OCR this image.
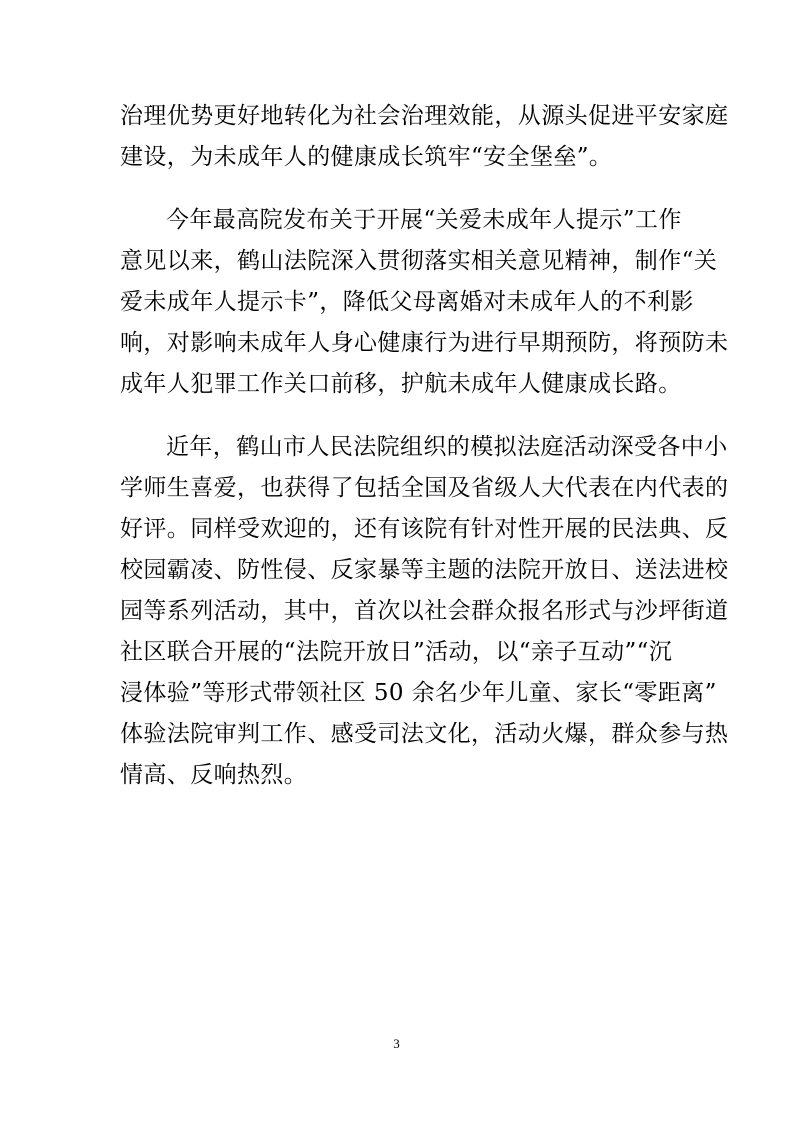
治理优势更好地转化为社会治理效能，从源头促进平安家庭
建设，为未成年人的健康成长筑牢“安全堡垒”。
今年最高院发布关于开展“关爱未成年人提示”工作
意见以来，鹤山法院深入贯彻落实相关意见精神，制作“关
爱未成年人提示卡”，降低父母离婚对未成年人的不利影
响，对影响未成年人身心健康行为进行早期预防，将预防未
成年人犯罪工作关口前移，护航未成年人健康成长路。
近年，鹤山市人民法院组织的模拟法庭活动深受各中小
学师生喜爱，也获得了包括全国及省级人大代表在内代表的
好评。同样受欢迎的，还有该院有针对性开展的民法典、反
校园霸凌、防性侵、反家暴等主题的法院开放日、送法进校
园等系列活动，其中，首次以社会群众报名形式与沙坪街道
社区联合开展的“法院开放日”活动，以“亲子互动”“沉
浸体验”等形式带领社区 50 余名少年儿童、家长“零距离”
体验法院审判工作、感受司法文化，活动火爆，群众参与热
情高、反响热烈。
3
